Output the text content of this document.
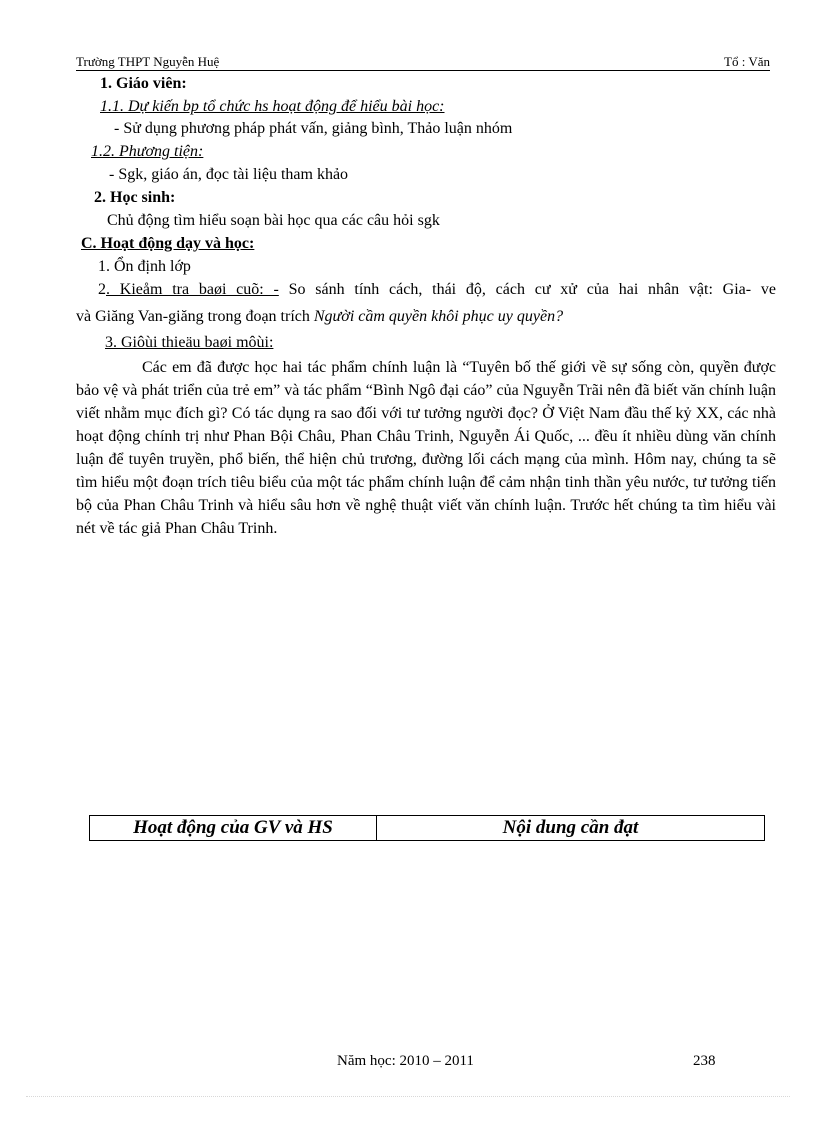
Trường THPT Nguyễn Huệ	Tổ : Văn
1. Giáo viên:
1.1. Dự kiến bp tổ chức hs hoạt động để hiểu bài học:
- Sử dụng phương pháp phát vấn, giảng bình, Thảo luận nhóm
1.2. Phương tiện:
- Sgk, giáo án, đọc tài liệu tham khảo
2. Học sinh:
Chủ động tìm hiểu soạn bài học qua các câu hỏi sgk
C. Hoạt động dạy và học:
1. Ổn định lớp
2. Kieåm tra baøi cuõ: - So sánh tính cách, thái độ, cách cư xử của hai nhân vật: Gia- ve
và Giăng Van-giăng trong đoạn trích Người cầm quyền khôi phục uy quyền?
3. Giôùi thieäu baøi môùi:
Các em đã được học hai tác phẩm chính luận là “Tuyên bố thế giới về sự sống còn, quyền được bảo vệ và phát triển của trẻ em” và tác phẩm “Bình Ngô đại cáo” của Nguyễn Trãi nên đã biết văn chính luận viết nhằm mục đích gì? Có tác dụng ra sao đối với tư tưởng người đọc? Ở Việt Nam đầu thế kỷ XX, các nhà hoạt động chính trị như Phan Bội Châu, Phan Châu Trinh, Nguyễn Ái Quốc, ... đều ít nhiều dùng văn chính luận để tuyên truyền, phổ biến, thể hiện chủ trương, đường lối cách mạng của mình. Hôm nay, chúng ta sẽ tìm hiểu một đoạn trích tiêu biểu của một tác phẩm chính luận để cảm nhận tinh thần yêu nước, tư tưởng tiến bộ của Phan Châu Trinh và hiểu sâu hơn về nghệ thuật viết văn chính luận. Trước hết chúng ta tìm hiểu vài nét về tác giả Phan Châu Trinh.
Hoạt động của GV và HS	Nội dung cần đạt
Năm học: 2010 – 2011	238
